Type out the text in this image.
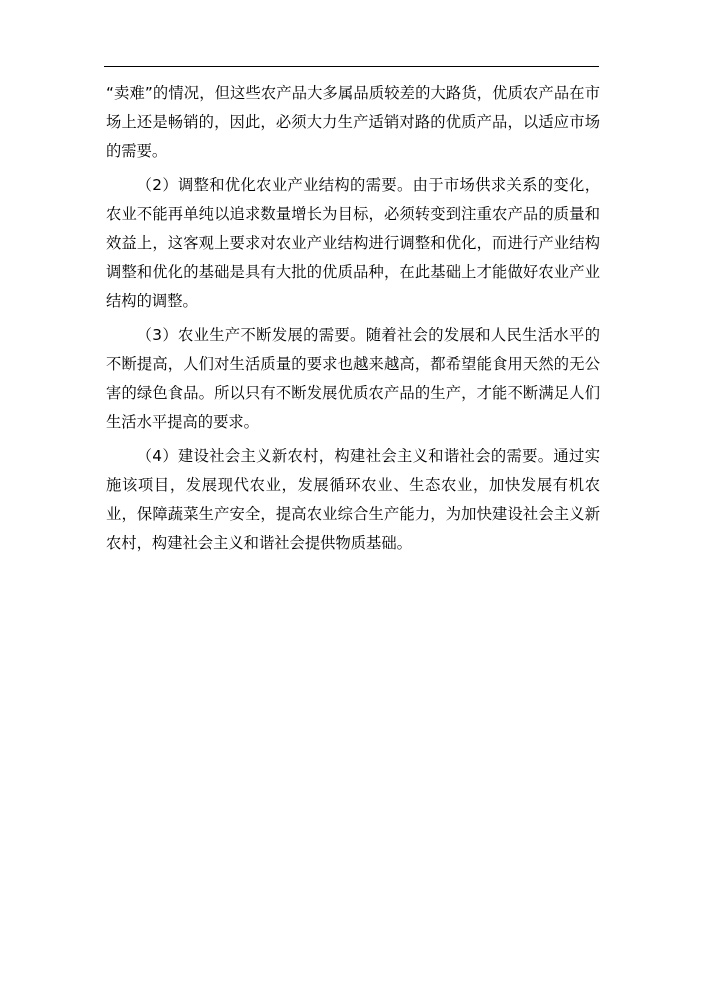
“卖难”的情况，但这些农产品大多属品质较差的大路货，优质农产品在市场上还是畅销的，因此，必须大力生产适销对路的优质产品，以适应市场的需要。

（2）调整和优化农业产业结构的需要。由于市场供求关系的变化，农业不能再单纯以追求数量增长为目标，必须转变到注重农产品的质量和效益上，这客观上要求对农业产业结构进行调整和优化，而进行产业结构调整和优化的基础是具有大批的优质品种，在此基础上才能做好农业产业结构的调整。

（3）农业生产不断发展的需要。随着社会的发展和人民生活水平的不断提高，人们对生活质量的要求也越来越高，都希望能食用天然的无公害的绿色食品。所以只有不断发展优质农产品的生产，才能不断满足人们生活水平提高的要求。

（4）建设社会主义新农村，构建社会主义和谐社会的需要。通过实施该项目，发展现代农业，发展循环农业、生态农业，加快发展有机农业，保障蔬菜生产安全，提高农业综合生产能力，为加快建设社会主义新农村，构建社会主义和谐社会提供物质基础。
